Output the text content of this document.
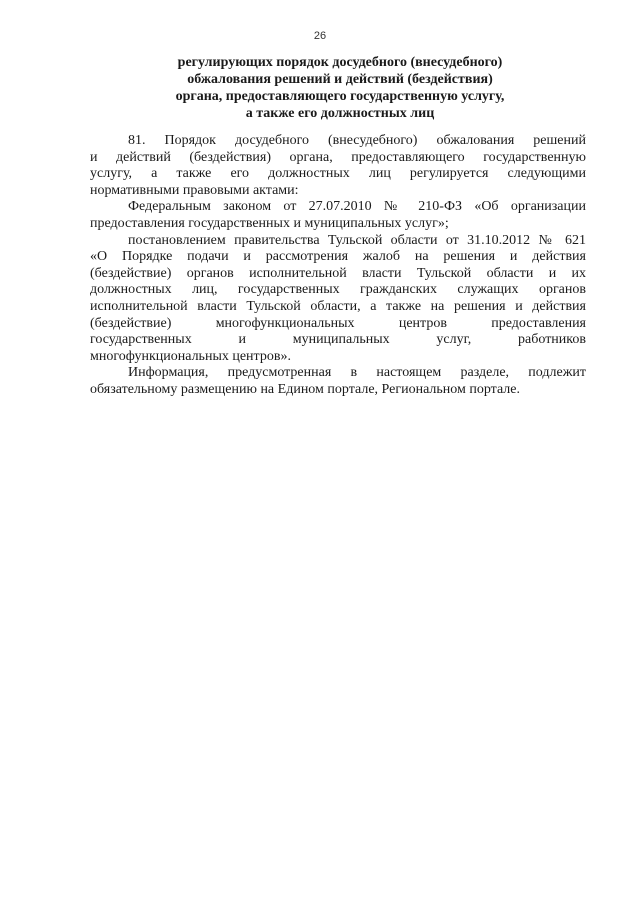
26
регулирующих порядок досудебного (внесудебного)
обжалования решений и действий (бездействия)
органа, предоставляющего государственную услугу,
а также его должностных лиц
81. Порядок досудебного (внесудебного) обжалования решений
и действий (бездействия) органа, предоставляющего государственную
услугу, а также его должностных лиц регулируется следующими
нормативными правовыми актами:
Федеральным законом от 27.07.2010 № 210-ФЗ «Об организации
предоставления государственных и муниципальных услуг»;
постановлением правительства Тульской области от 31.10.2012 № 621
«О Порядке подачи и рассмотрения жалоб на решения и действия
(бездействие) органов исполнительной власти Тульской области и их
должностных лиц, государственных гражданских служащих органов
исполнительной власти Тульской области, а также на решения и действия
(бездействие) многофункциональных центров предоставления
государственных и муниципальных услуг, работников
многофункциональных центров».
Информация, предусмотренная в настоящем разделе, подлежит
обязательному размещению на Едином портале, Региональном портале.
